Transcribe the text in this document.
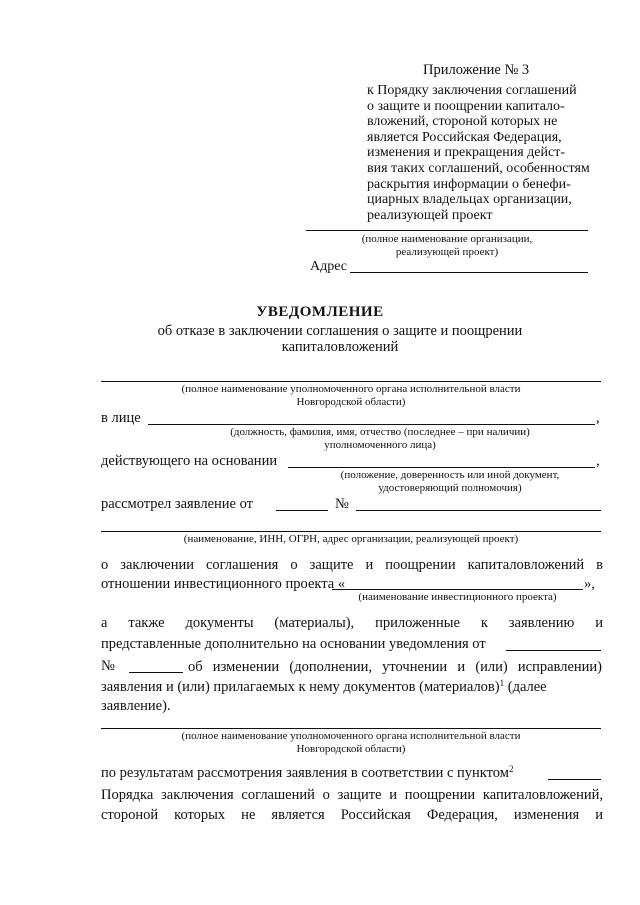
Приложение № 3
к Порядку заключения соглашений
о защите и поощрении капитало-
вложений, стороной которых не
является Российская Федерация,
изменения и прекращения дейст-
вия таких соглашений, особенностям
раскрытия информации о бенефи-
циарных владельцах организации,
реализующей проект
(полное наименование организации,
реализующей проект)
Адрес
УВЕДОМЛЕНИЕ
об отказе в заключении соглашения о защите и поощрении
капиталовложений
(полное наименование уполномоченного органа исполнительной власти
Новгородской области)
в лице	,
(должность, фамилия, имя, отчество (последнее – при наличии)
уполномоченного лица)
действующего на основании	,
(положение, доверенность или иной документ,
удостоверяющий полномочия)
рассмотрел заявление от	№
(наименование, ИНН, ОГРН, адрес организации, реализующей проект)
о заключении соглашения о защите и поощрении капиталовложений в
отношении инвестиционного проекта «	»,
(наименование инвестиционного проекта)
а также документы (материалы), приложенные к заявлению и
представленные дополнительно на основании уведомления от
№	об изменении (дополнении, уточнении и (или) исправлении)
заявления и (или) прилагаемых к нему документов (материалов)$^1$ (далее
заявление).
(полное наименование уполномоченного органа исполнительной власти
Новгородской области)
по результатам рассмотрения заявления в соответствии с пунктом$^2$
Порядка заключения соглашений о защите и поощрении капиталовложений,
стороной которых не является Российская Федерация, изменения и
